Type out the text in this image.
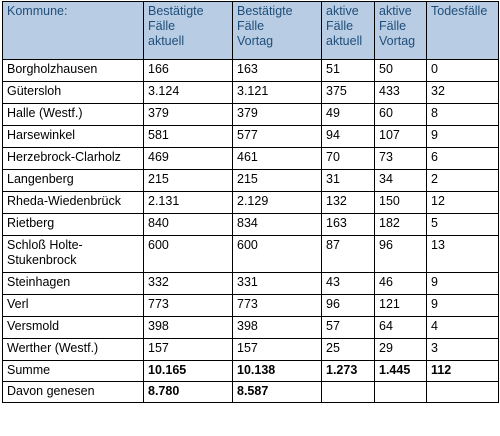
Kommune:	Bestätigte
Fälle
aktuell	Bestätigte
Fälle
Vortag	aktive
Fälle
aktuell	aktive
Fälle
Vortag	Todesfälle

Borgholzhausen	166	163	51	50	0
Gütersloh	3.124	3.121	375	433	32
Halle (Westf.)	379	379	49	60	8
Harsewinkel	581	577	94	107	9
Herzebrock-Clarholz	469	461	70	73	6
Langenberg	215	215	31	34	2
Rheda-Wiedenbrück	2.131	2.129	132	150	12
Rietberg	840	834	163	182	5

Schloß Holte-
Stukenbrock	600	600	87	96	13
Steinhagen	332	331	43	46	9
Verl	773	773	96	121	9
Versmold	398	398	57	64	4
Werther (Westf.)	157	157	25	29	3
Summe	10.165	10.138	1.273	1.445	112
Davon genesen	8.780	8.587			
